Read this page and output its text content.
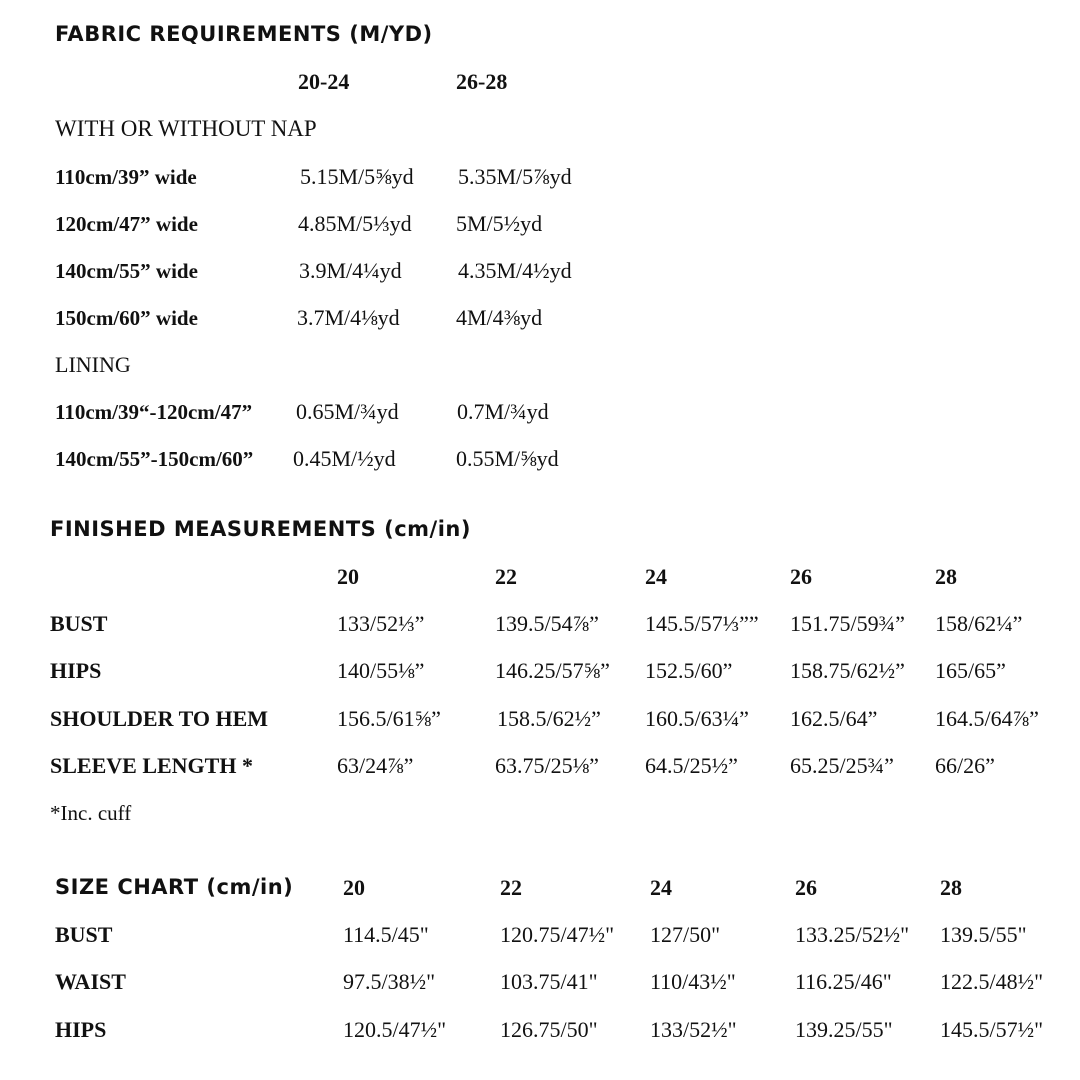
FABRIC REQUIREMENTS (M/YD)
20-24	26-28
WITH OR WITHOUT NAP
110cm/39” wide	5.15M/5⅝yd 5.35M/5⅞yd
120cm/47” wide	4.85M/5⅓yd 5M/5½yd
140cm/55” wide	3.9M/4¼yd	4.35M/4½yd
150cm/60” wide	3.7M/4⅛yd	4M/4⅜yd
LINING
110cm/39“-120cm/47” 0.65M/¾yd	0.7M/¾yd
140cm/55”-150cm/60” 0.45M/½yd	0.55M/⅝yd
FINISHED MEASUREMENTS (cm/in)
20	22	24	26	28
BUST	133/52⅓”	139.5/54⅞” 145.5/57⅓”” 151.75/59¾” 158/62¼”
HIPS	140/55⅛”	146.25/57⅝” 152.5/60”	158.75/62½” 165/65”
SHOULDER TO HEM	156.5/61⅝”	158.5/62½” 160.5/63¼” 162.5/64”	164.5/64⅞”
SLEEVE LENGTH *	63/24⅞”	63.75/25⅛” 64.5/25½” 65.25/25¾” 66/26”
*Inc. cuff
SIZE CHART (cm/in) 20	22	24	26	28
BUST	114.5/45"	120.75/47½" 127/50"	133.25/52½" 139.5/55"
WAIST	97.5/38½"	103.75/41" 110/43½"	116.25/46" 122.5/48½"
HIPS	120.5/47½" 126.75/50" 133/52½"	139.25/55" 145.5/57½"
